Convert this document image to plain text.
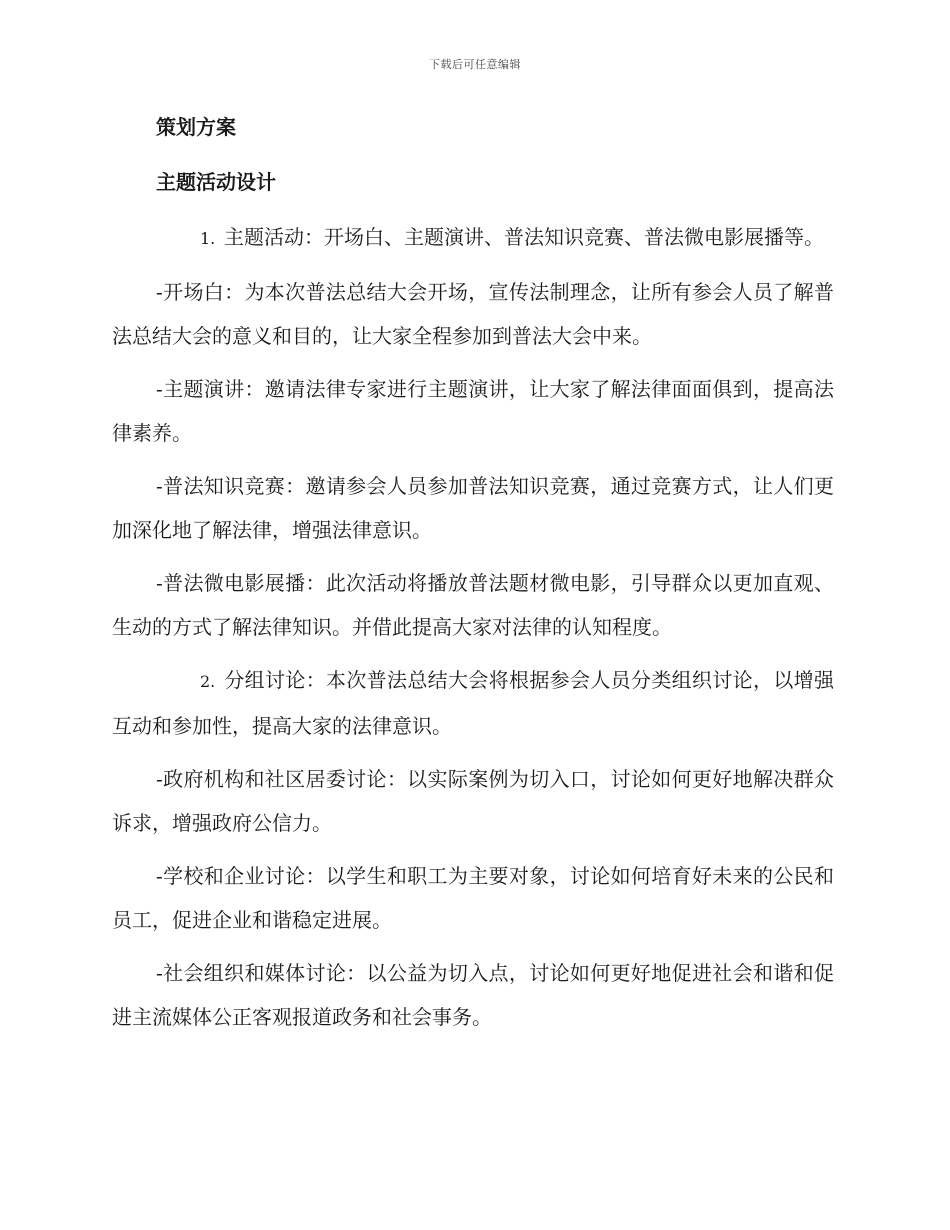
下载后可任意编辑
策划方案
主题活动设计
1. 主题活动：开场白、主题演讲、普法知识竞赛、普法微电影展播等。
-开场白：为本次普法总结大会开场，宣传法制理念，让所有参会人员了解普法总结大会的意义和目的，让大家全程参加到普法大会中来。
-主题演讲：邀请法律专家进行主题演讲，让大家了解法律面面俱到，提高法律素养。
-普法知识竞赛：邀请参会人员参加普法知识竞赛，通过竞赛方式，让人们更加深化地了解法律，增强法律意识。
-普法微电影展播：此次活动将播放普法题材微电影，引导群众以更加直观、生动的方式了解法律知识。并借此提高大家对法律的认知程度。
2. 分组讨论：本次普法总结大会将根据参会人员分类组织讨论，以增强互动和参加性，提高大家的法律意识。
-政府机构和社区居委讨论：以实际案例为切入口，讨论如何更好地解决群众诉求，增强政府公信力。
-学校和企业讨论：以学生和职工为主要对象，讨论如何培育好未来的公民和员工，促进企业和谐稳定进展。
-社会组织和媒体讨论：以公益为切入点，讨论如何更好地促进社会和谐和促进主流媒体公正客观报道政务和社会事务。
